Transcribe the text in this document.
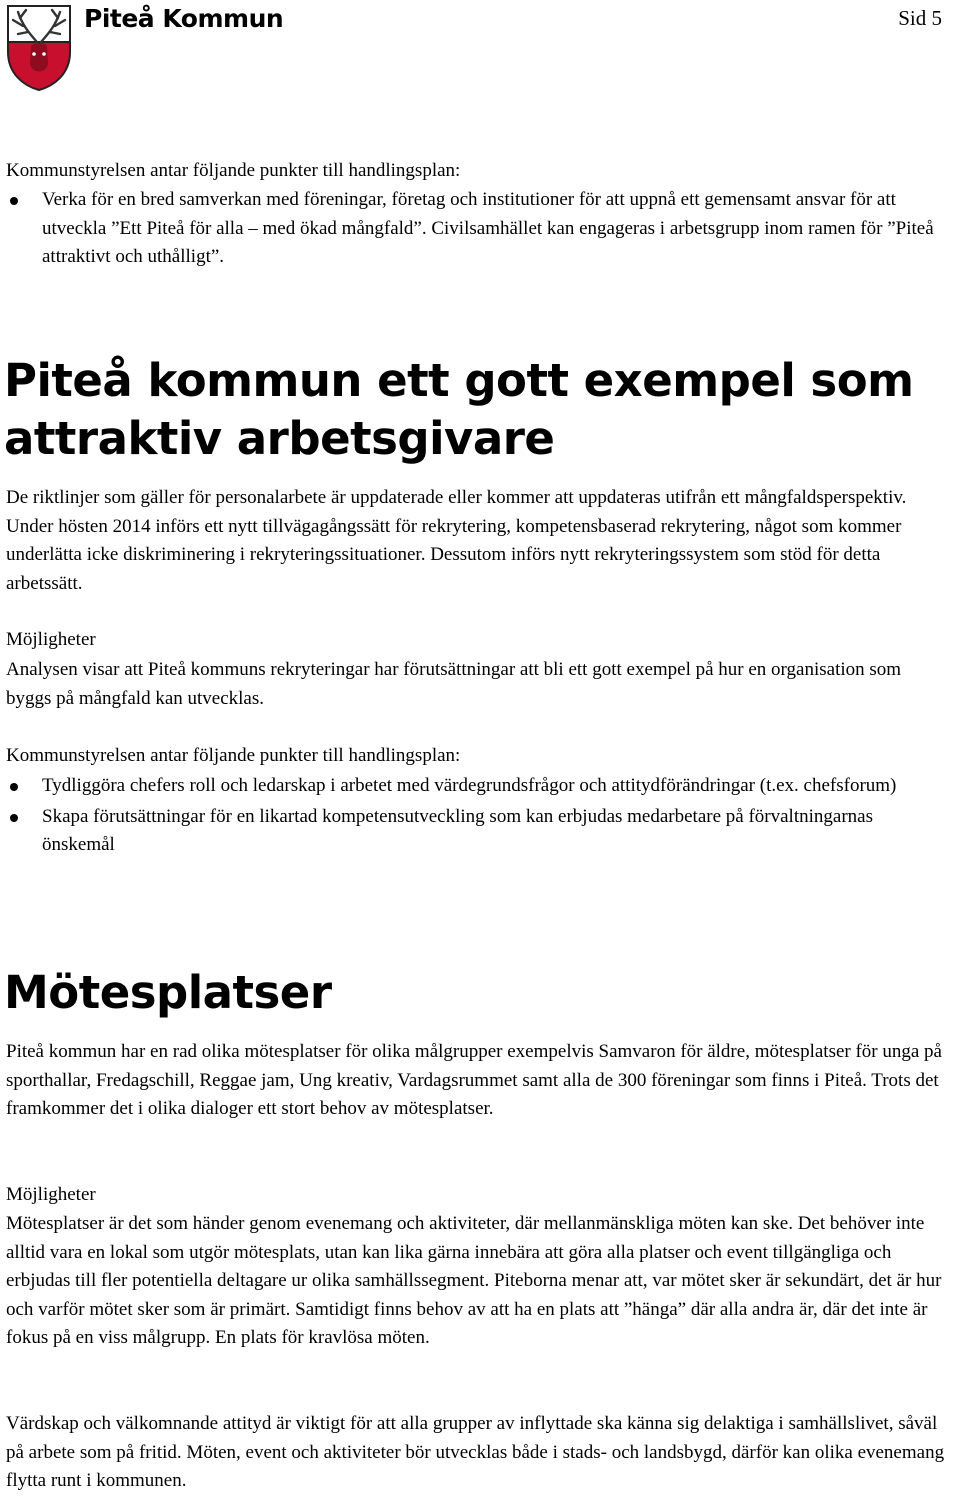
Piteå Kommun	Sid 5

Kommunstyrelsen antar följande punkter till handlingsplan:

Verka för en bred samverkan med föreningar, företag och institutioner för att uppnå ett gemensamt ansvar för att utveckla ”Ett Piteå för alla – med ökad mångfald”. Civilsamhället kan engageras i arbetsgrupp inom ramen för ”Piteå attraktivt och uthålligt”.
Piteå kommun ett gott exempel som attraktiv arbetsgivare

De riktlinjer som gäller för personalarbete är uppdaterade eller kommer att uppdateras utifrån ett mångfaldsperspektiv. Under hösten 2014 införs ett nytt tillvägagångssätt för rekrytering, kompetensbaserad rekrytering, något som kommer underlätta icke diskriminering i rekryteringssituationer. Dessutom införs nytt rekryteringssystem som stöd för detta arbetssätt.

Möjligheter

Analysen visar att Piteå kommuns rekryteringar har förutsättningar att bli ett gott exempel på hur en organisation som byggs på mångfald kan utvecklas.

Kommunstyrelsen antar följande punkter till handlingsplan:

Tydliggöra chefers roll och ledarskap i arbetet med värdegrundsfrågor och attitydförändringar (t.ex. chefsforum)
Skapa förutsättningar för en likartad kompetensutveckling som kan erbjudas medarbetare på förvaltningarnas önskemål
Mötesplatser

Piteå kommun har en rad olika mötesplatser för olika målgrupper exempelvis Samvaron för äldre, mötesplatser för unga på sporthallar, Fredagschill, Reggae jam, Ung kreativ, Vardagsrummet samt alla de 300 föreningar som finns i Piteå. Trots det framkommer det i olika dialoger ett stort behov av mötesplatser.

Möjligheter

Mötesplatser är det som händer genom evenemang och aktiviteter, där mellanmänskliga möten kan ske. Det behöver inte alltid vara en lokal som utgör mötesplats, utan kan lika gärna innebära att göra alla platser och event tillgängliga och erbjudas till fler potentiella deltagare ur olika samhällssegment. Piteborna menar att, var mötet sker är sekundärt, det är hur och varför mötet sker som är primärt. Samtidigt finns behov av att ha en plats att ”hänga” där alla andra är, där det inte är fokus på en viss målgrupp. En plats för kravlösa möten.

Värdskap och välkomnande attityd är viktigt för att alla grupper av inflyttade ska känna sig delaktiga i samhällslivet, såväl på arbete som på fritid. Möten, event och aktiviteter bör utvecklas både i stads- och landsbygd, därför kan olika evenemang flytta runt i kommunen.
